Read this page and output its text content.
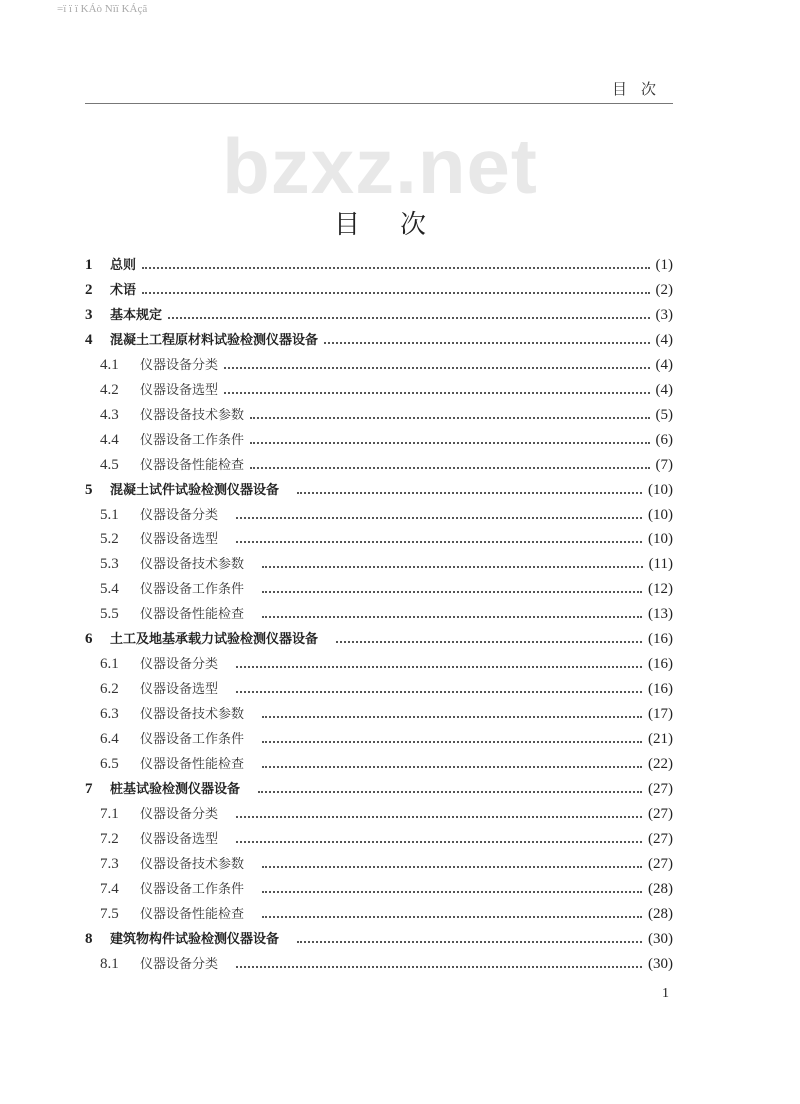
=ï ï ï KÁò Nïï KÁçã
目次
bzxz.net
目次
1	总则	(1)
2	术语	(2)
3	基本规定	(3)
4	混凝土工程原材料试验检测仪器设备	(4)
4.1	仪器设备分类	(4)
4.2	仪器设备选型	(4)
4.3	仪器设备技术参数	(5)
4.4	仪器设备工作条件	(6)
4.5	仪器设备性能检查	(7)
5	混凝土试件试验检测仪器设备	(10)
5.1	仪器设备分类	(10)
5.2	仪器设备选型	(10)
5.3	仪器设备技术参数	(11)
5.4	仪器设备工作条件	(12)
5.5	仪器设备性能检查	(13)
6	土工及地基承载力试验检测仪器设备	(16)
6.1	仪器设备分类	(16)
6.2	仪器设备选型	(16)
6.3	仪器设备技术参数	(17)
6.4	仪器设备工作条件	(21)
6.5	仪器设备性能检查	(22)
7	桩基试验检测仪器设备	(27)
7.1	仪器设备分类	(27)
7.2	仪器设备选型	(27)
7.3	仪器设备技术参数	(27)
7.4	仪器设备工作条件	(28)
7.5	仪器设备性能检查	(28)
8	建筑物构件试验检测仪器设备	(30)
8.1	仪器设备分类	(30)
1
